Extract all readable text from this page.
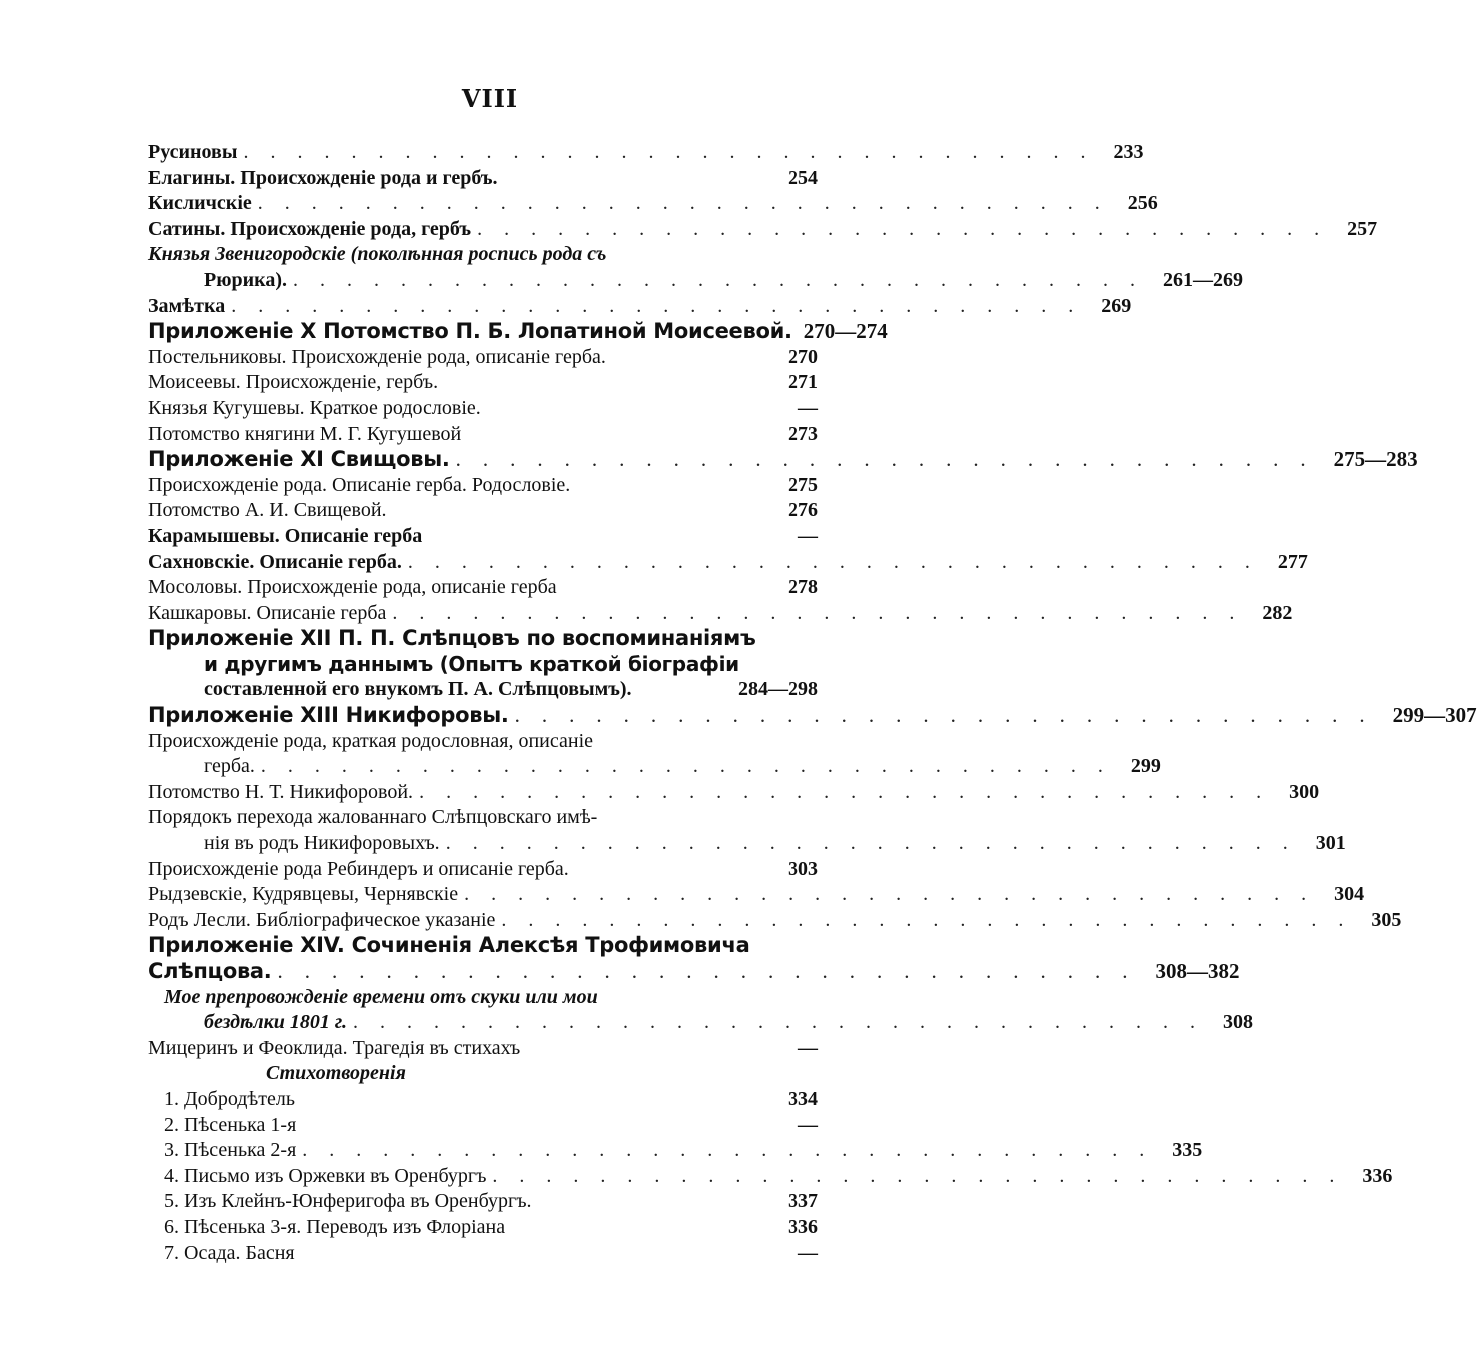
VIII
Русиновы ................................ 233
Елагины. Происхожденіе рода и гербъ.	254
Кисличскіе ................................ 256
Сатины. Происхожденіе рода, гербъ ................................ 257
Князья Звенигородскіе (поколѣнная роспись рода съ
Рюрика). ................................ 261—269
Замѣтка ................................ 269
Приложеніе X Потомство П. Б. Лопатиной Моисеевой. 270—274
Постельниковы. Происхожденіе рода, описаніе герба.	270
Моисеевы. Происхожденіе, гербъ.	271
Князья Кугушевы. Краткое родословіе.	—
Потомство княгини М. Г. Кугушевой	273
Приложеніе XI Свищовы. ................................ 275—283
Происхожденіе рода. Описаніе герба. Родословіе.	275
Потомство А. И. Свищевой.	276
Карамышевы. Описаніе герба	—
Сахновскіе. Описаніе герба. ................................ 277
Мосоловы. Происхожденіе рода, описаніе герба	278
Кашкаровы. Описаніе герба ................................ 282
Приложеніе XII П. П. Слѣпцовъ по воспоминаніямъ
и другимъ даннымъ (Опытъ краткой біографіи
составленной его внукомъ П. А. Слѣпцовымъ).	284—298
Приложеніе XIII Никифоровы. ................................ 299—307
Происхожденіе рода, краткая родословная, описаніе
герба. ................................ 299
Потомство Н. Т. Никифоровой. ................................ 300
Порядокъ перехода жалованнаго Слѣпцовскаго имѣ-
нія въ родъ Никифоровыхъ. ................................ 301
Происхожденіе рода Ребиндеръ и описаніе герба.	303
Рыдзевскіе, Кудрявцевы, Чернявскіе ................................ 304
Родъ Лесли. Библіографическое указаніе ................................ 305
Приложеніе XIV. Сочиненія Алексѣя Трофимовича
Слѣпцова. ................................ 308—382
Мое препровожденіе времени отъ скуки или мои
бездѣлки 1801 г. ................................ 308
Мицеринъ и Феоклида. Трагедія въ стихахъ	—
Стихотворенія
1. Добродѣтель	334
2. Пѣсенька 1-я	—
3. Пѣсенька 2-я ................................ 335
4. Письмо изъ Оржевки въ Оренбургъ ................................ 336
5. Изъ Клейнъ-Юнферигофа въ Оренбургъ.	337
6. Пѣсенька 3-я. Переводъ изъ Флоріана	336
7. Осада. Басня	—
